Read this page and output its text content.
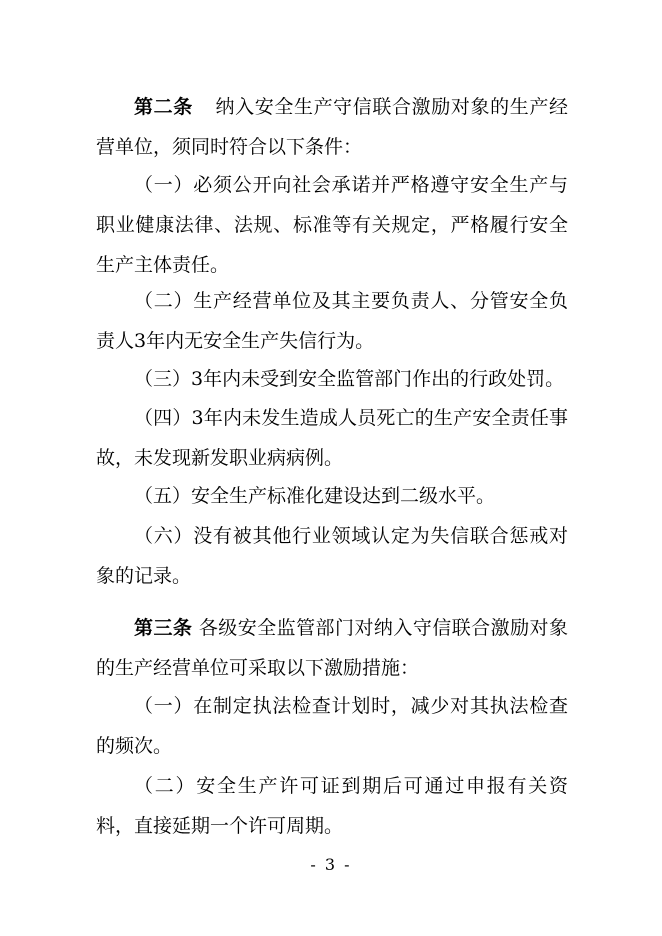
第二条 纳入安全生产守信联合激励对象的生产经营单位，须同时符合以下条件：

（一）必须公开向社会承诺并严格遵守安全生产与职业健康法律、法规、标准等有关规定，严格履行安全生产主体责任。

（二）生产经营单位及其主要负责人、分管安全负责人3年内无安全生产失信行为。

（三）3年内未受到安全监管部门作出的行政处罚。

（四）3年内未发生造成人员死亡的生产安全责任事故，未发现新发职业病病例。

（五）安全生产标准化建设达到二级水平。

（六）没有被其他行业领域认定为失信联合惩戒对象的记录。

第三条 各级安全监管部门对纳入守信联合激励对象的生产经营单位可采取以下激励措施：

（一）在制定执法检查计划时，减少对其执法检查的频次。

（二）安全生产许可证到期后可通过申报有关资料，直接延期一个许可周期。

- 3 -
